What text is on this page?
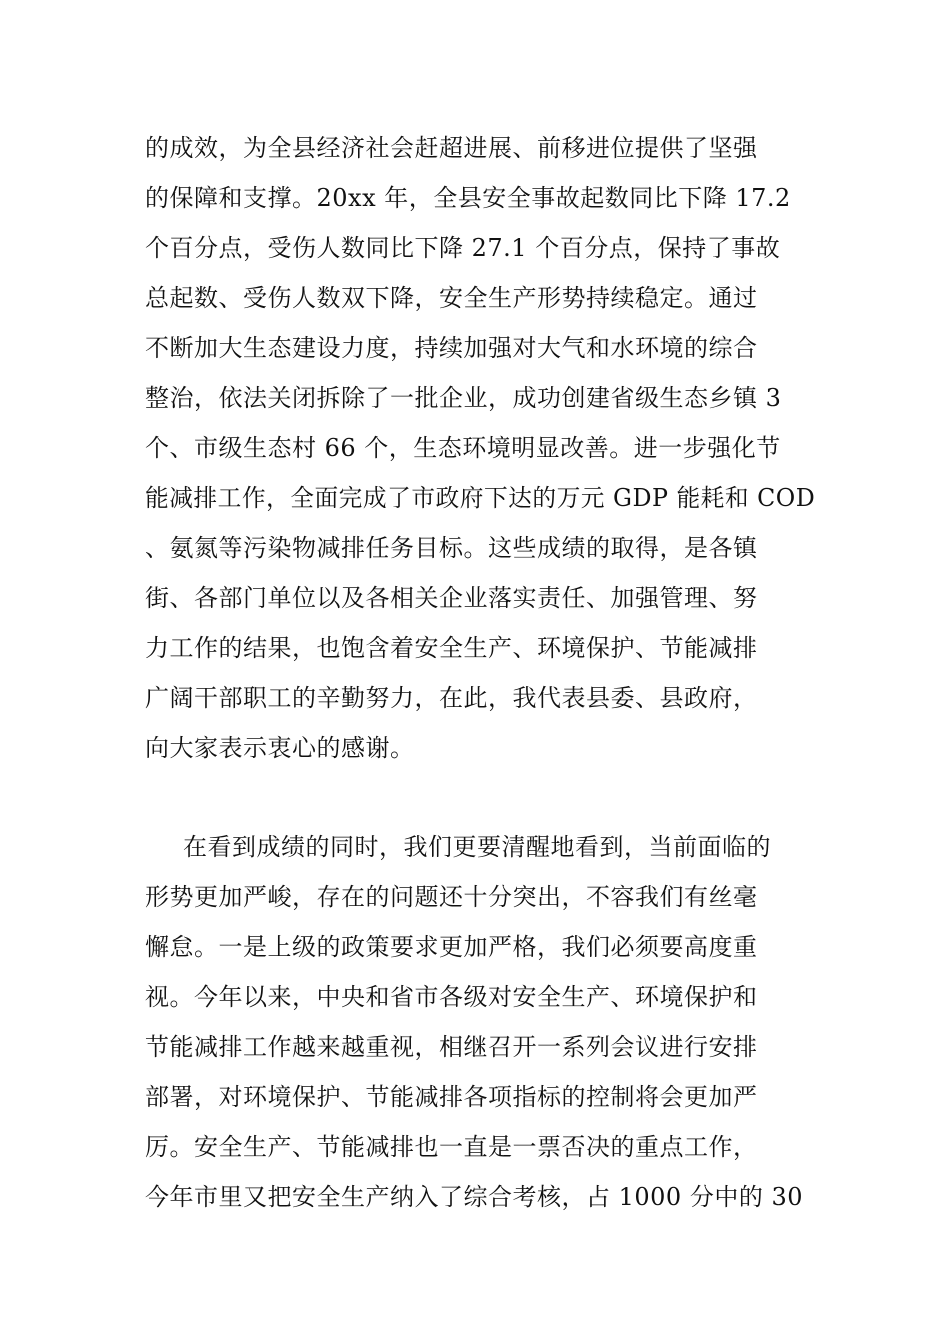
的成效，为全县经济社会赶超进展、前移进位提供了坚强
的保障和支撑。20xx 年，全县安全事故起数同比下降 17.2
个百分点，受伤人数同比下降 27.1 个百分点，保持了事故
总起数、受伤人数双下降，安全生产形势持续稳定。通过
不断加大生态建设力度，持续加强对大气和水环境的综合
整治，依法关闭拆除了一批企业，成功创建省级生态乡镇 3
个、市级生态村 66 个，生态环境明显改善。进一步强化节
能减排工作，全面完成了市政府下达的万元 GDP 能耗和 COD
、氨氮等污染物减排任务目标。这些成绩的取得，是各镇
街、各部门单位以及各相关企业落实责任、加强管理、努
力工作的结果，也饱含着安全生产、环境保护、节能减排
广阔干部职工的辛勤努力，在此，我代表县委、县政府，
向大家表示衷心的感谢。
在看到成绩的同时，我们更要清醒地看到，当前面临的
形势更加严峻，存在的问题还十分突出，不容我们有丝毫
懈怠。一是上级的政策要求更加严格，我们必须要高度重
视。今年以来，中央和省市各级对安全生产、环境保护和
节能减排工作越来越重视，相继召开一系列会议进行安排
部署，对环境保护、节能减排各项指标的控制将会更加严
厉。安全生产、节能减排也一直是一票否决的重点工作，
今年市里又把安全生产纳入了综合考核，占 1000 分中的 30
